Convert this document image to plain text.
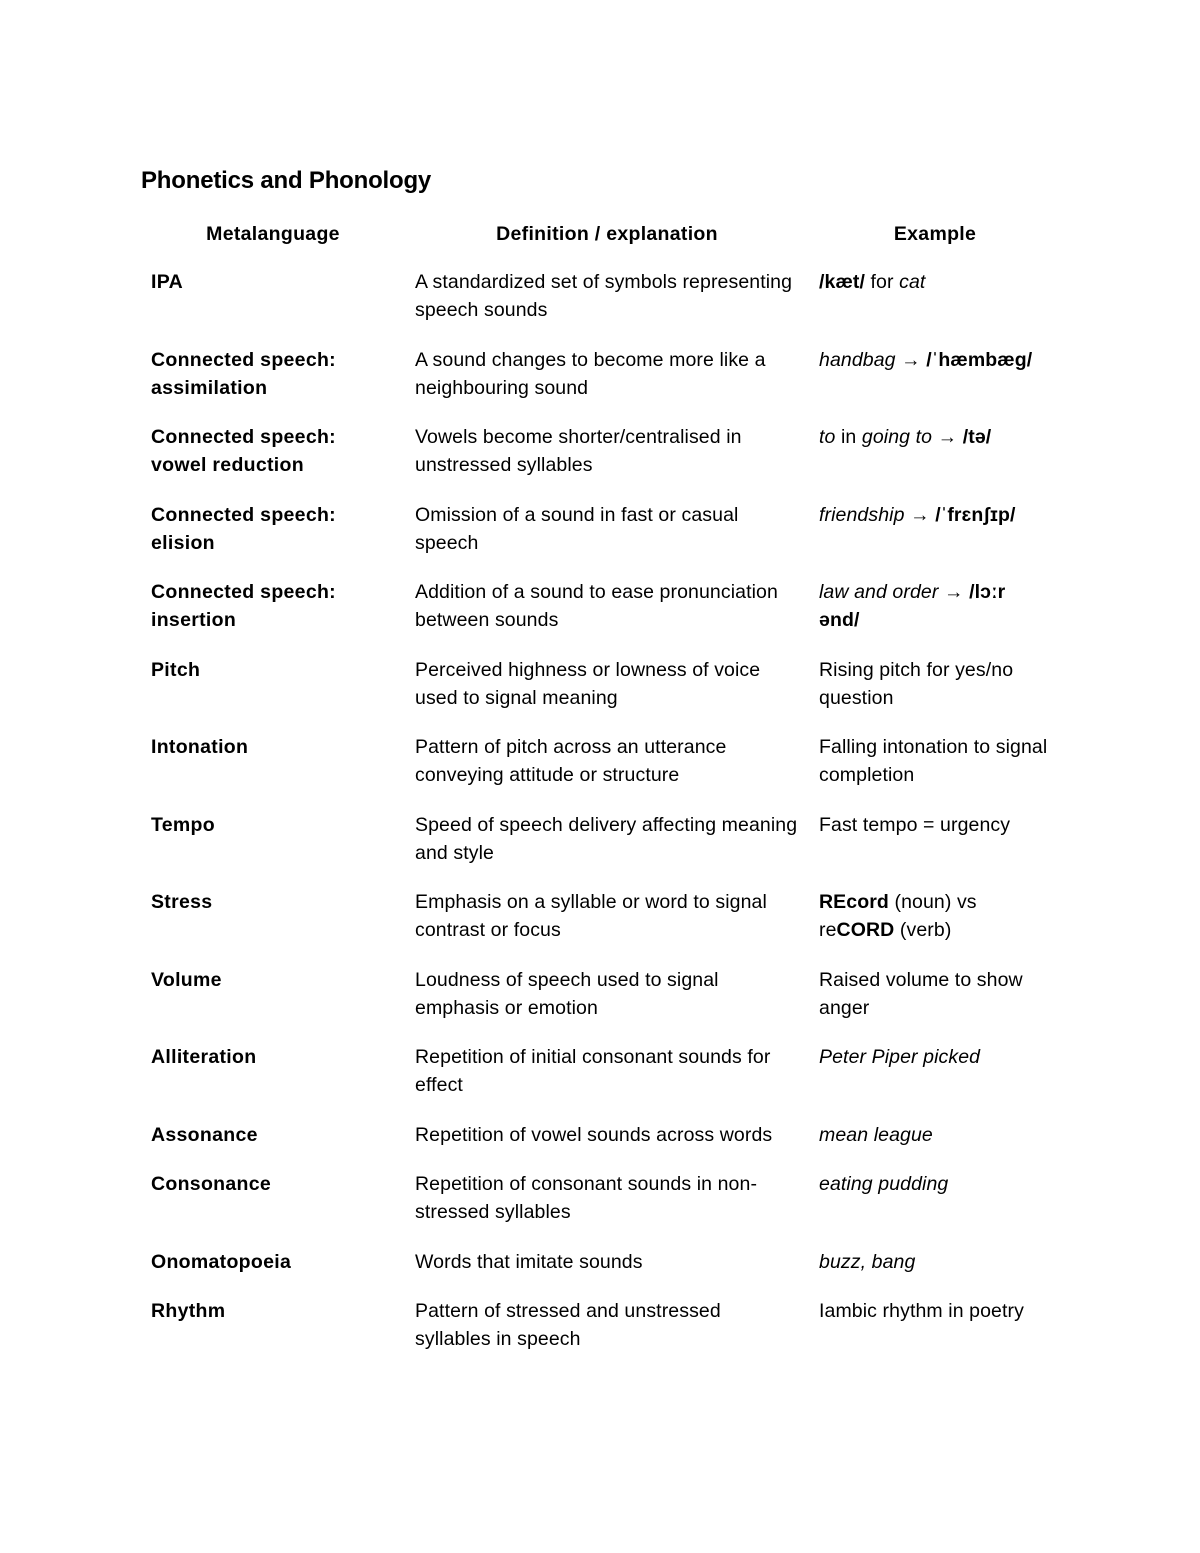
Phonetics and Phonology
Metalanguage	Definition / explanation	Example
IPA	A standardized set of symbols representing speech sounds	/kæt/ for cat
Connected speech: assimilation	A sound changes to become more like a neighbouring sound	handbag → /ˈhæmbæg/
Connected speech: vowel reduction	Vowels become shorter/centralised in unstressed syllables	to in going to → /tə/
Connected speech: elision	Omission of a sound in fast or casual speech	friendship → /ˈfrɛnʃɪp/
Connected speech: insertion	Addition of a sound to ease pronunciation between sounds	law and order → /lɔːr ənd/
Pitch	Perceived highness or lowness of voice used to signal meaning	Rising pitch for yes/no question
Intonation	Pattern of pitch across an utterance conveying attitude or structure	Falling intonation to signal completion
Tempo	Speed of speech delivery affecting meaning and style	Fast tempo = urgency
Stress	Emphasis on a syllable or word to signal contrast or focus	REcord (noun) vs reCORD (verb)
Volume	Loudness of speech used to signal emphasis or emotion	Raised volume to show anger
Alliteration	Repetition of initial consonant sounds for effect	Peter Piper picked
Assonance	Repetition of vowel sounds across words	mean league
Consonance	Repetition of consonant sounds in non-stressed syllables	eating pudding
Onomatopoeia	Words that imitate sounds	buzz, bang
Rhythm	Pattern of stressed and unstressed syllables in speech	Iambic rhythm in poetry
